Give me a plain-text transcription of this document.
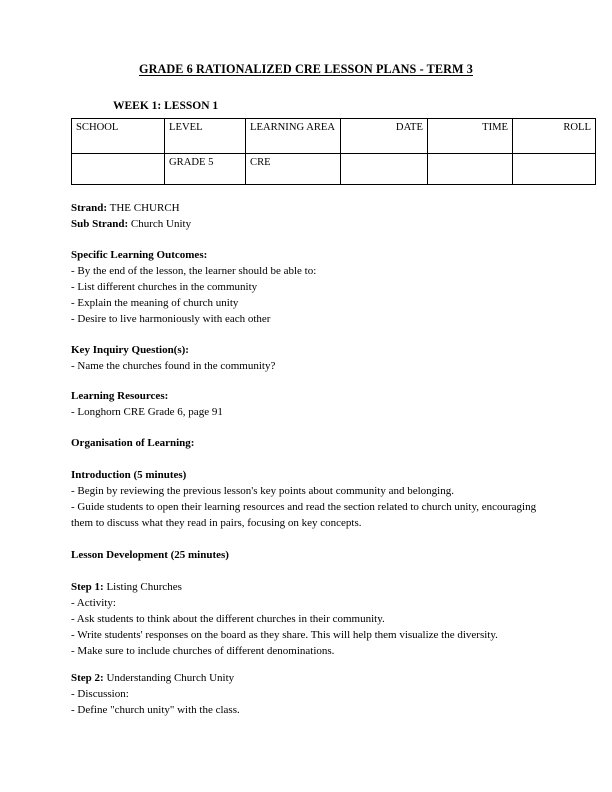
GRADE 6 RATIONALIZED CRE LESSON PLANS - TERM 3
WEEK 1: LESSON 1
SCHOOL	LEVEL	LEARNING AREA	DATE	TIME	ROLL
	GRADE 5	CRE			
Strand: THE CHURCH
Sub Strand: Church Unity
Specific Learning Outcomes:
- By the end of the lesson, the learner should be able to:
- List different churches in the community
- Explain the meaning of church unity
- Desire to live harmoniously with each other
Key Inquiry Question(s):
- Name the churches found in the community?
Learning Resources:
- Longhorn CRE Grade 6, page 91
Organisation of Learning:
Introduction (5 minutes)
- Begin by reviewing the previous lesson's key points about community and belonging.
- Guide students to open their learning resources and read the section related to church unity, encouraging them to discuss what they read in pairs, focusing on key concepts.
Lesson Development (25 minutes)
Step 1: Listing Churches
- Activity:
- Ask students to think about the different churches in their community.
- Write students' responses on the board as they share. This will help them visualize the diversity.
- Make sure to include churches of different denominations.
Step 2: Understanding Church Unity
- Discussion:
- Define "church unity" with the class.
